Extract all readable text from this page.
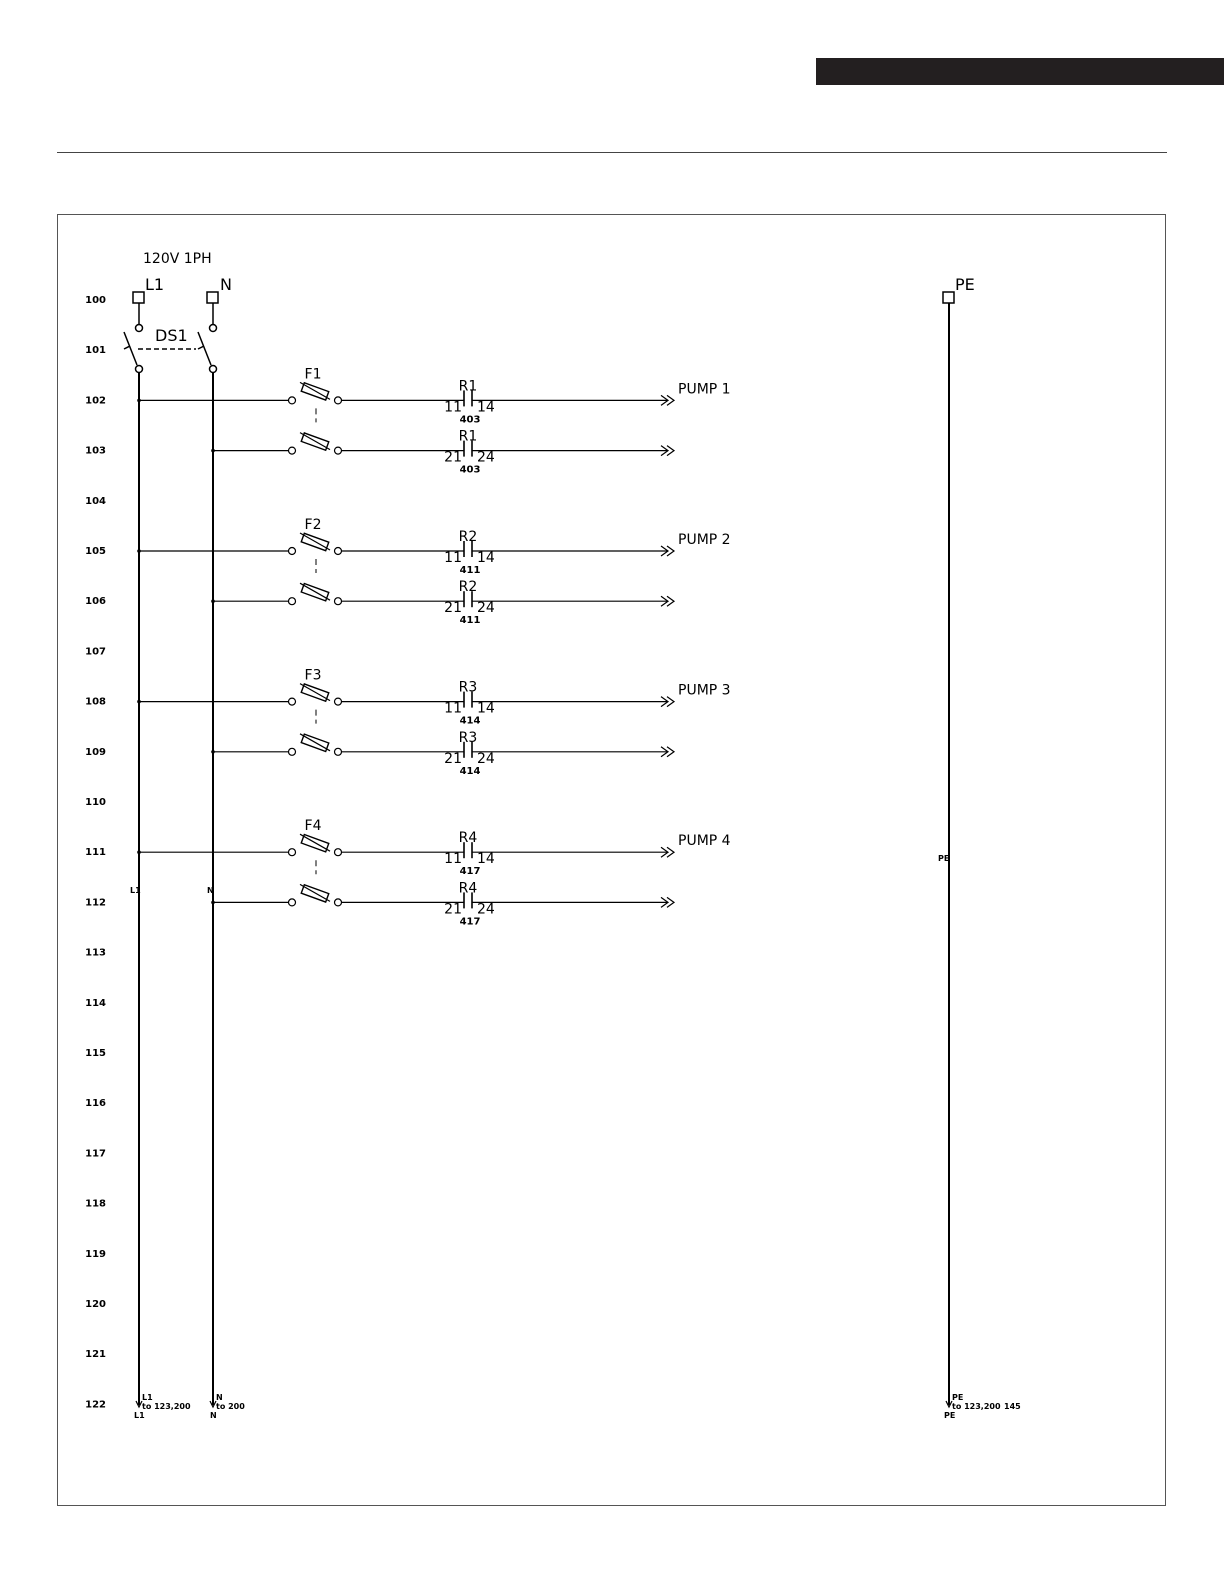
120V 1PH
L1	N	PE
DS1
L1	N
PE
L1
to 123,200
L1
N
to 200
N
PE
to 123,200 145
PE
100
101
102
103
104
105
106
107
108
109
110
111
112
113
114
115
116
117
118
119
120
121
122
F1
R1
11 14
403
R1
21 24
403
PUMP 1
F2
R2
11 14
411
R2
21 24
411
PUMP 2
F3
R3
11 14
414
R3
21 24
414
PUMP 3
F4
R4
11 14
417
R4
21 24
417
PUMP 4
